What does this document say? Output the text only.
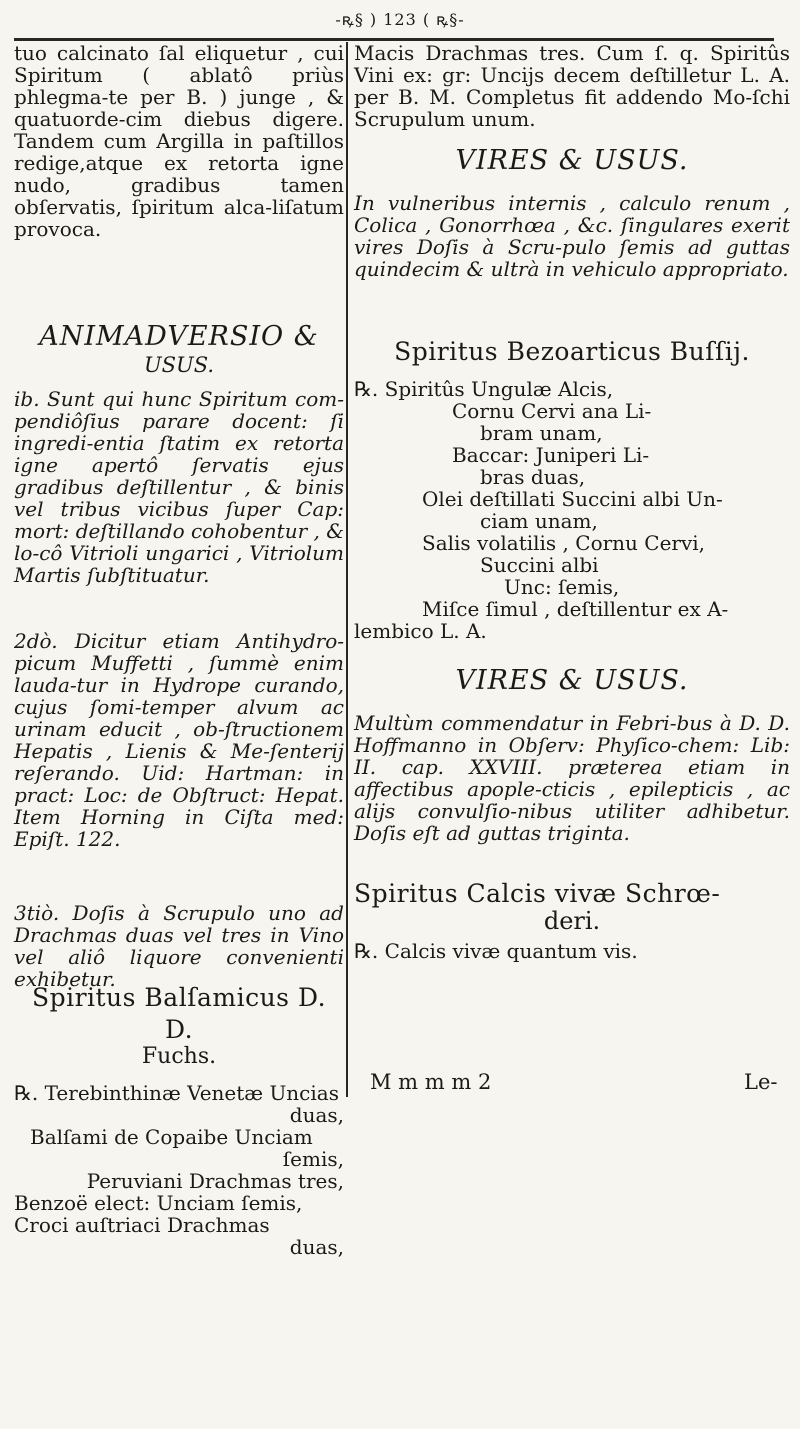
-ꝶ§ ) 123 ( ꝶ§-

tuo calcinato ſal eliquetur , cui Spiritum ( ablatô priùs phlegma-te per B. ) junge , & quatuorde-cim diebus digere. Tandem cum Argilla in paſtillos redige,atque ex retorta igne nudo, gradibus tamen obſervatis, ſpiritum alca-liſatum provoca.

ANIMADVERSIO &

USUS.

ib. Sunt qui hunc Spiritum com-pendiôſius parare docent: ſi ingredi-entia ſtatim ex retorta igne apertô ſervatis ejus gradibus deſtillentur , & binis vel tribus vicibus ſuper Cap: mort: deſtillando cohobentur , & lo-cô Vitrioli ungarici , Vitriolum Martis ſubſtituatur.

2dò. Dicitur etiam Antihydro-picum Muffetti , ſummè enim lauda-tur in Hydrope curando, cujus ſomi-temper alvum ac urinam educit , ob-ſtructionem Hepatis , Lienis & Me-ſenterij reſerando. Uid: Hartman: in pract: Loc: de Obſtruct: Hepat. Item Horning in Ciſta med: Epiſt. 122.

3tiò. Doſis à Scrupulo uno ad Drachmas duas vel tres in Vino vel aliô liquore convenienti exhibetur.

Spiritus Balſamicus D. D.

Fuchs.

℞. Terebinthinæ Venetæ Uncias

duas,

Balſami de Copaibe Unciam

ſemis,

Peruviani Drachmas tres,

Benzoë elect: Unciam ſemis,

Croci auſtriaci Drachmas

duas,

Macis Drachmas tres. Cum ſ. q. Spiritûs Vini ex: gr: Uncijs decem deſtilletur L. A. per B. M. Completus fit addendo Mo-ſchi Scrupulum unum.

VIRES & USUS.

In vulneribus internis , calculo renum , Colica , Gonorrhœa , &c. ſingulares exerit vires Doſis à Scru-pulo ſemis ad guttas quindecim & ultrà in vehiculo appropriato.

Spiritus Bezoarticus Buſſij.

℞. Spiritûs Ungulæ Alcis,

Cornu Cervi ana Li-

bram unam,

Baccar: Juniperi Li-

bras duas,

Olei deſtillati Succini albi Un-

ciam unam,

Salis volatilis , Cornu Cervi,

Succini albi

Unc: ſemis,

Miſce ſimul , deſtillentur ex A-

lembico L. A.

VIRES & USUS.

Multùm commendatur in Febri-bus à D. D. Hoffmanno in Obſerv: Phyſico-chem: Lib: II. cap. XXVIII. præterea etiam in affectibus apople-cticis , epilepticis , ac alijs convulſio-nibus utiliter adhibetur. Doſis eſt ad guttas triginta.

Spiritus Calcis vivæ Schrœ-

deri.

℞. Calcis vivæ quantum vis.

M m m m 2	Le-
